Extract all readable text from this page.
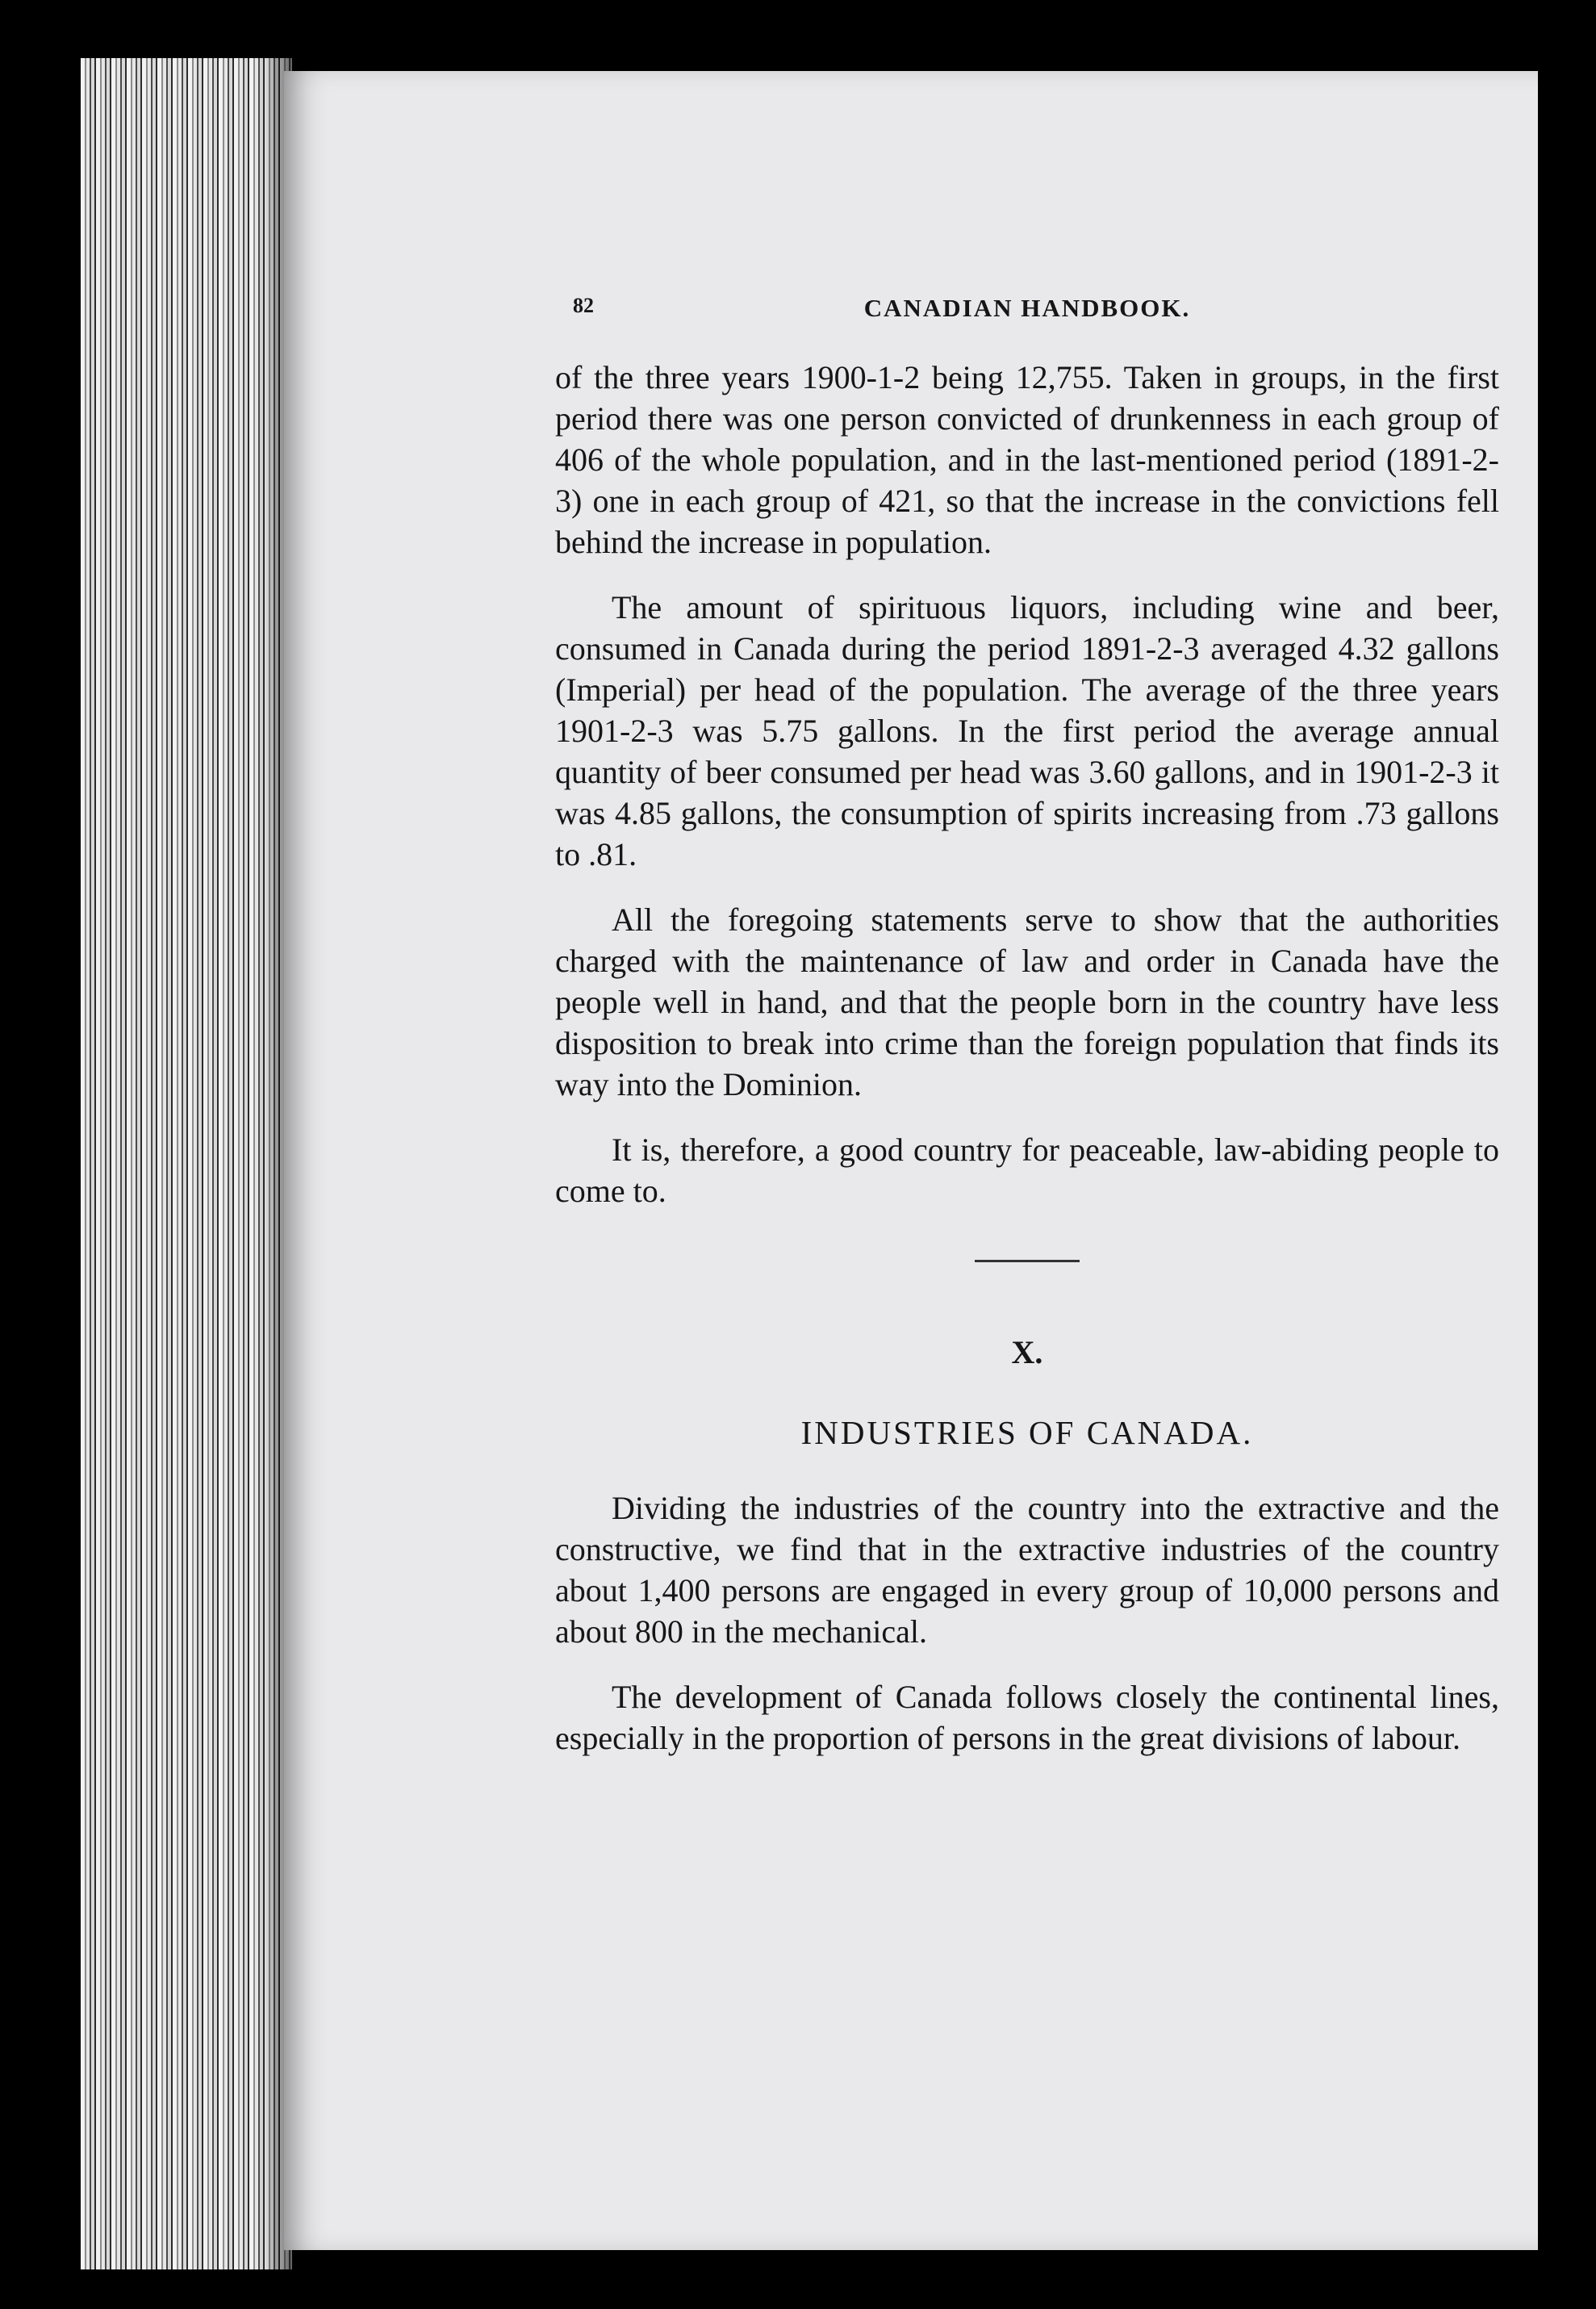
82	CANADIAN HANDBOOK.

of the three years 1900-1-2 being 12,755. Taken in groups, in the first period there was one person convicted of drunkenness in each group of 406 of the whole population, and in the last-mentioned period (1891-2-3) one in each group of 421, so that the increase in the convictions fell behind the increase in population.

The amount of spirituous liquors, including wine and beer, consumed in Canada during the period 1891-2-3 averaged 4.32 gallons (Imperial) per head of the population. The average of the three years 1901-2-3 was 5.75 gallons. In the first period the average annual quantity of beer consumed per head was 3.60 gallons, and in 1901-2-3 it was 4.85 gallons, the consumption of spirits increasing from .73 gallons to .81.

All the foregoing statements serve to show that the authorities charged with the maintenance of law and order in Canada have the people well in hand, and that the people born in the country have less disposition to break into crime than the foreign population that finds its way into the Dominion.

It is, therefore, a good country for peaceable, law-abiding people to come to.

X.
INDUSTRIES OF CANADA.

Dividing the industries of the country into the extractive and the constructive, we find that in the extractive industries of the country about 1,400 persons are engaged in every group of 10,000 persons and about 800 in the mechanical.

The development of Canada follows closely the continental lines, especially in the proportion of persons in the great divisions of labour.
